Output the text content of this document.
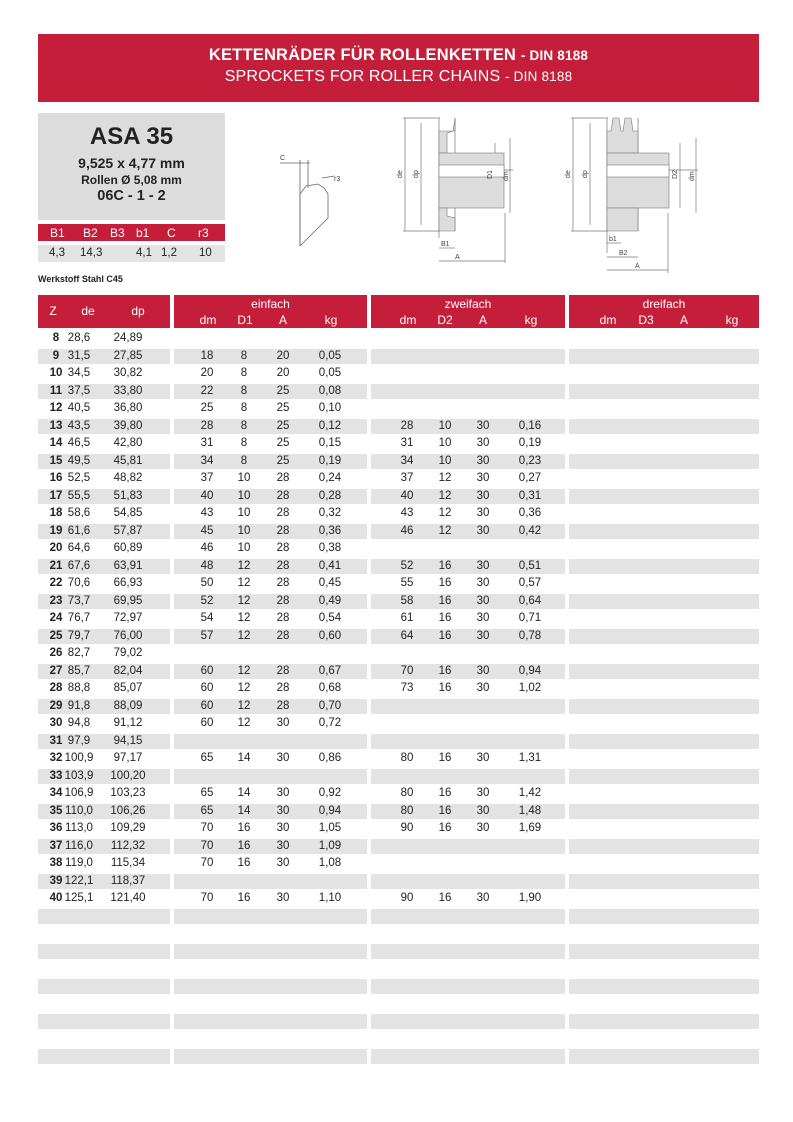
KETTENRÄDER FÜR ROLLENKETTEN - DIN 8188
SPROCKETS FOR ROLLER CHAINS - DIN 8188
ASA 35
9,525 x 4,77 mm
Rollen Ø 5,08 mm
06C - 1 - 2
B1 B2 B3 b1 C r3
4,3 14,3	4,1 1,2 10
Werkstoff Stahl C45
C
r3
de dp	D1 dm
B1
A
de dp	D2 dm
b1
B2
A
Z	de	dp	einfach
dm	D1	A	kg
zweifach
dm	D2	A	kg
dreifach
dm	D3	A	kg
8 28,6	24,89
9 31,5	27,85	18	8	20	0,05
10 34,5	30,82	20	8	20	0,05
11 37,5	33,80	22	8	25	0,08
12 40,5	36,80	25	8	25	0,10
13 43,5	39,80	28	8	25	0,12	28	10	30	0,16
14 46,5	42,80	31	8	25	0,15	31	10	30	0,19
15 49,5	45,81	34	8	25	0,19	34	10	30	0,23
16 52,5	48,82	37	10	28	0,24	37	12	30	0,27
17 55,5	51,83	40	10	28	0,28	40	12	30	0,31
18 58,6	54,85	43	10	28	0,32	43	12	30	0,36
19 61,6	57,87	45	10	28	0,36	46	12	30	0,42
20 64,6	60,89	46	10	28	0,38
21 67,6	63,91	48	12	28	0,41	52	16	30	0,51
22 70,6	66,93	50	12	28	0,45	55	16	30	0,57
23 73,7	69,95	52	12	28	0,49	58	16	30	0,64
24 76,7	72,97	54	12	28	0,54	61	16	30	0,71
25 79,7	76,00	57	12	28	0,60	64	16	30	0,78
26 82,7	79,02
27 85,7	82,04	60	12	28	0,67	70	16	30	0,94
28 88,8	85,07	60	12	28	0,68	73	16	30	1,02
29 91,8	88,09	60	12	28	0,70
30 94,8	91,12	60	12	30	0,72
31 97,9	94,15
32 100,9	97,17	65	14	30	0,86	80	16	30	1,31
33 103,9	100,20
34 106,9	103,23	65	14	30	0,92	80	16	30	1,42
35 110,0	106,26	65	14	30	0,94	80	16	30	1,48
36 113,0	109,29	70	16	30	1,05	90	16	30	1,69
37 116,0	112,32	70	16	30	1,09
38 119,0	115,34	70	16	30	1,08
39 122,1	118,37
40 125,1	121,40	70	16	30	1,10	90	16	30	1,90
